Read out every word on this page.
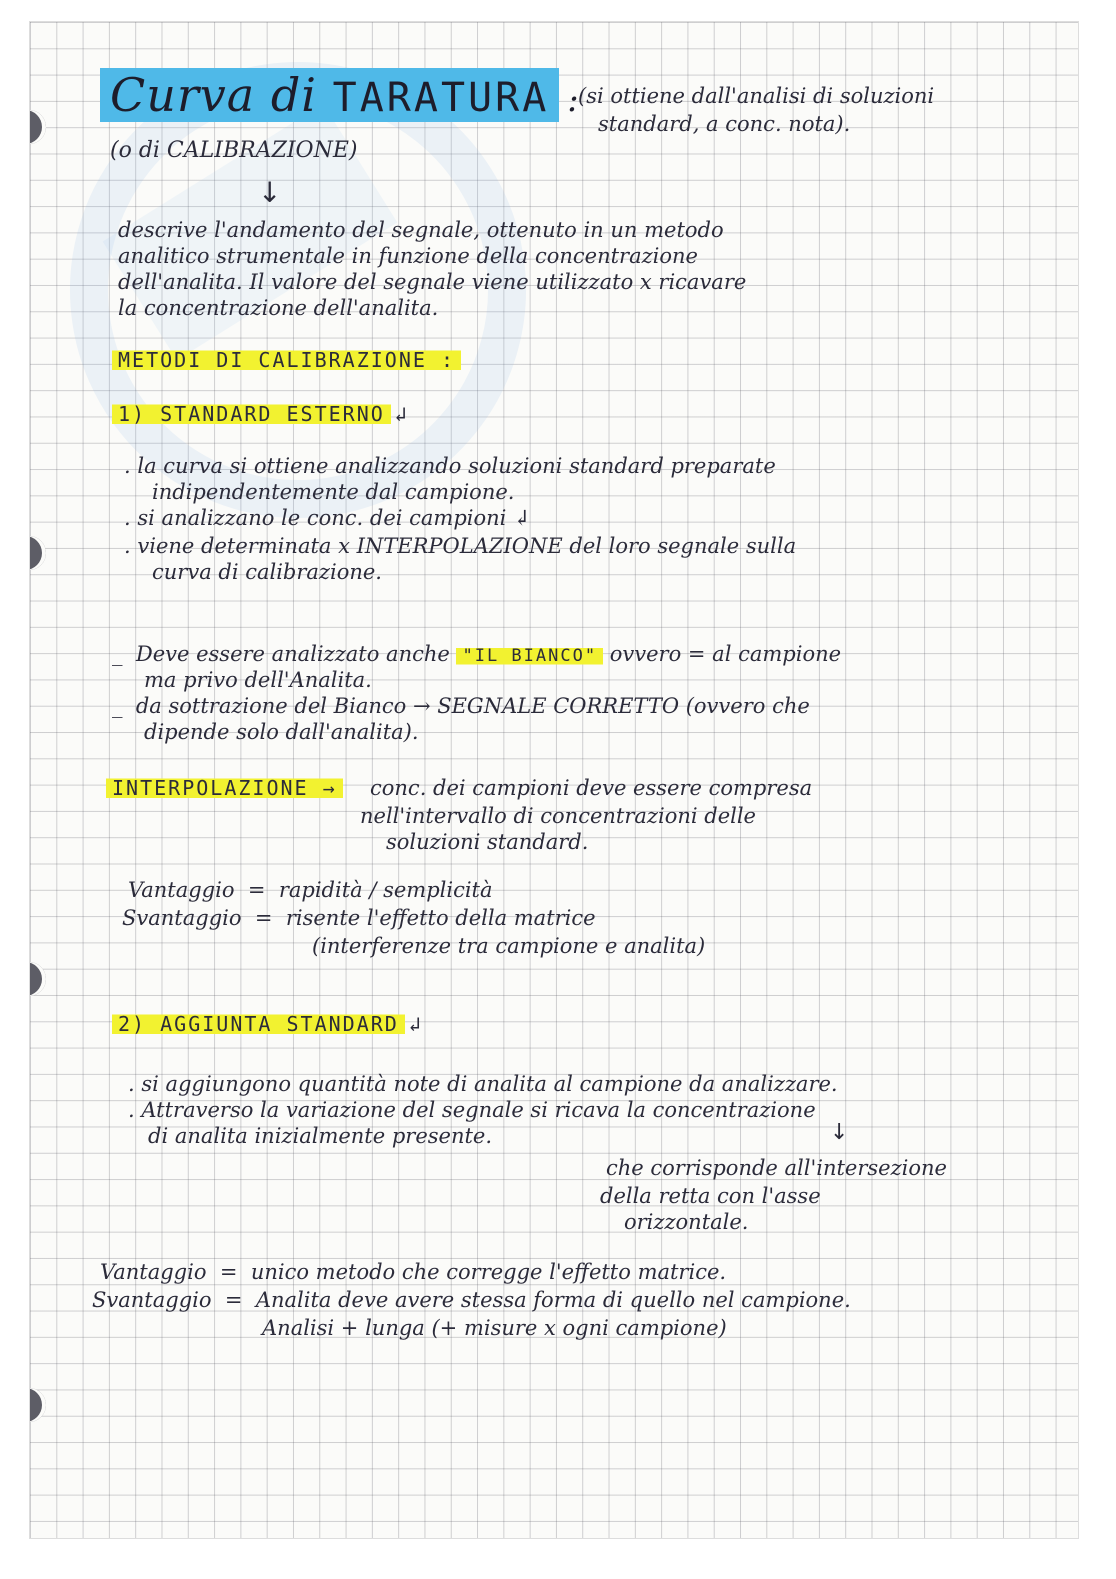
Curva di TARATURA :
(si ottiene dall'analisi di soluzioni
standard, a conc. nota).
(o di CALIBRAZIONE)
↓
descrive l'andamento del segnale, ottenuto in un metodo
analitico strumentale in funzione della concentrazione
dell'analita. Il valore del segnale viene utilizzato x ricavare
la concentrazione dell'analita.
METODI DI CALIBRAZIONE :
1) STANDARD ESTERNO ↲
. la curva si ottiene analizzando soluzioni standard preparate
indipendentemente dal campione.
. si analizzano le conc. dei campioni ↲
. viene determinata x INTERPOLAZIONE del loro segnale sulla
curva di calibrazione.
_ Deve essere analizzato anche "IL BIANCO" ovvero = al campione
ma privo dell'Analita.
_ da sottrazione del Bianco → SEGNALE CORRETTO (ovvero che
dipende solo dall'analita).
INTERPOLAZIONE → conc. dei campioni deve essere compresa
nell'intervallo di concentrazioni delle
soluzioni standard.
Vantaggio = rapidità / semplicità
Svantaggio = risente l'effetto della matrice
(interferenze tra campione e analita)
2) AGGIUNTA STANDARD ↲
. si aggiungono quantità note di analita al campione da analizzare.
. Attraverso la variazione del segnale si ricava la concentrazione
di analita inizialmente presente.	↓
che corrisponde all'intersezione
della retta con l'asse
orizzontale.
Vantaggio = unico metodo che corregge l'effetto matrice.
Svantaggio = Analita deve avere stessa forma di quello nel campione.
Analisi + lunga (+ misure x ogni campione)
